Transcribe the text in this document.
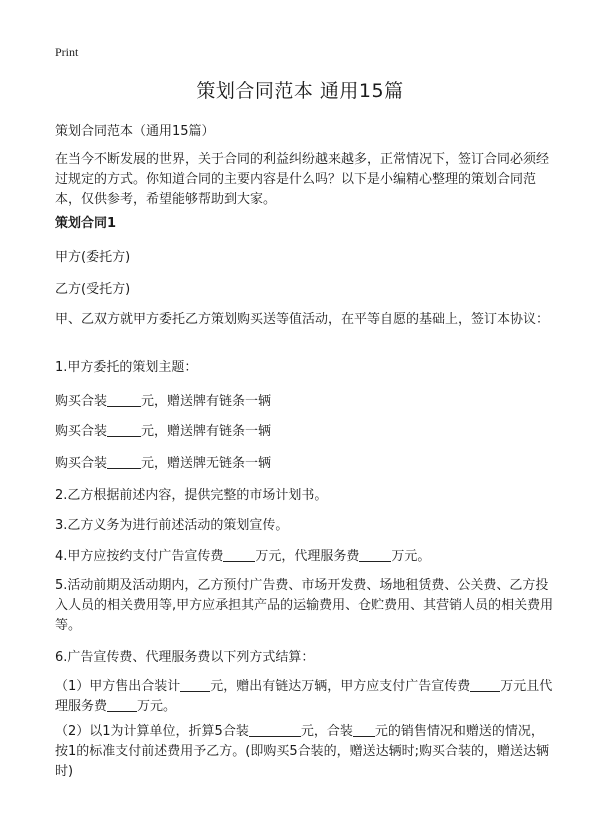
Print
策划合同范本 通用15篇

策划合同范本（通用15篇）

在当今不断发展的世界，关于合同的利益纠纷越来越多，正常情况下，签订合同必须经过规定的方式。你知道合同的主要内容是什么吗？以下是小编精心整理的策划合同范本，仅供参考，希望能够帮助到大家。

策划合同1

甲方(委托方)

乙方(受托方)

甲、乙双方就甲方委托乙方策划购买送等值活动，在平等自愿的基础上，签订本协议：

1.甲方委托的策划主题：

购买合装	元，赠送牌有链条一辆

购买合装	元，赠送牌有链条一辆

购买合装	元，赠送牌无链条一辆

2.乙方根据前述内容，提供完整的市场计划书。

3.乙方义务为进行前述活动的策划宣传。

4.甲方应按约支付广告宣传费 万元，代理服务费 万元。

5.活动前期及活动期内，乙方预付广告费、市场开发费、场地租赁费、公关费、乙方投入人员的相关费用等,甲方应承担其产品的运输费用、仓贮费用、其营销人员的相关费用等。

6.广告宣传费、代理服务费以下列方式结算：

（1）甲方售出合装计 元，赠出有链达万辆，甲方应支付广告宣传费 万元且代理服务费 万元。

（2）以1为计算单位，折算5合装	元，合装 元的销售情况和赠送的情况，按1的标准支付前述费用予乙方。(即购买5合装的，赠送达辆时;购买合装的，赠送达辆时)
